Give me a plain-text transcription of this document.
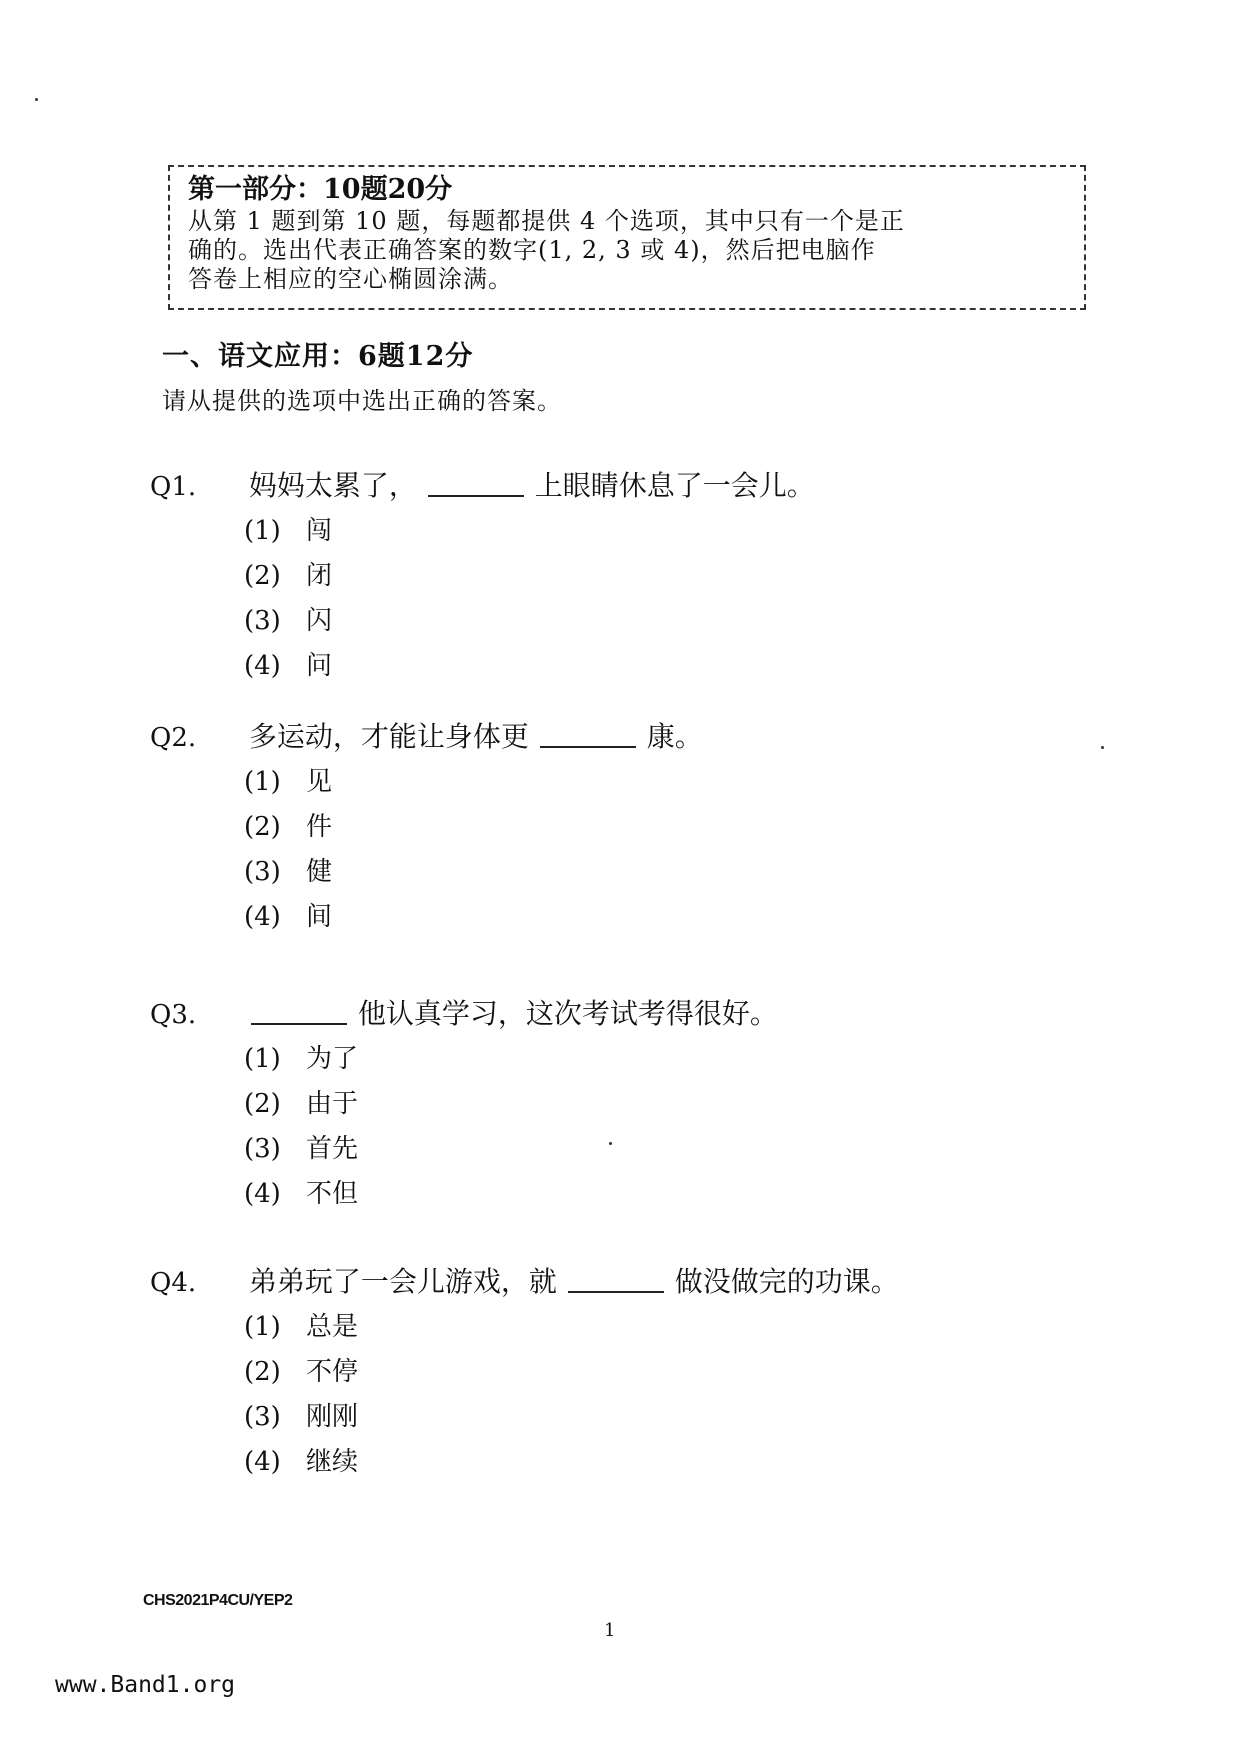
第一部分：10题20分
从第 1 题到第 10 题，每题都提供 4 个选项，其中只有一个是正
确的。选出代表正确答案的数字(1, 2, 3 或 4)，然后把电脑作
答卷上相应的空心椭圆涂满。
一、语文应用：6题12分
请从提供的选项中选出正确的答案。
Q1. 妈妈太累了，	上眼睛休息了一会儿。
(1) 闯
(2) 闭
(3) 闪
(4) 问
Q2. 多运动，才能让身体更	康。
(1) 见
(2) 件
(3) 健
(4) 间
Q3.	他认真学习，这次考试考得很好。
(1) 为了
(2) 由于
(3) 首先
(4) 不但
Q4. 弟弟玩了一会儿游戏，就	做没做完的功课。
(1) 总是
(2) 不停
(3) 刚刚
(4) 继续
CHS2021P4CU/YEP2
1
www.Band1.org
